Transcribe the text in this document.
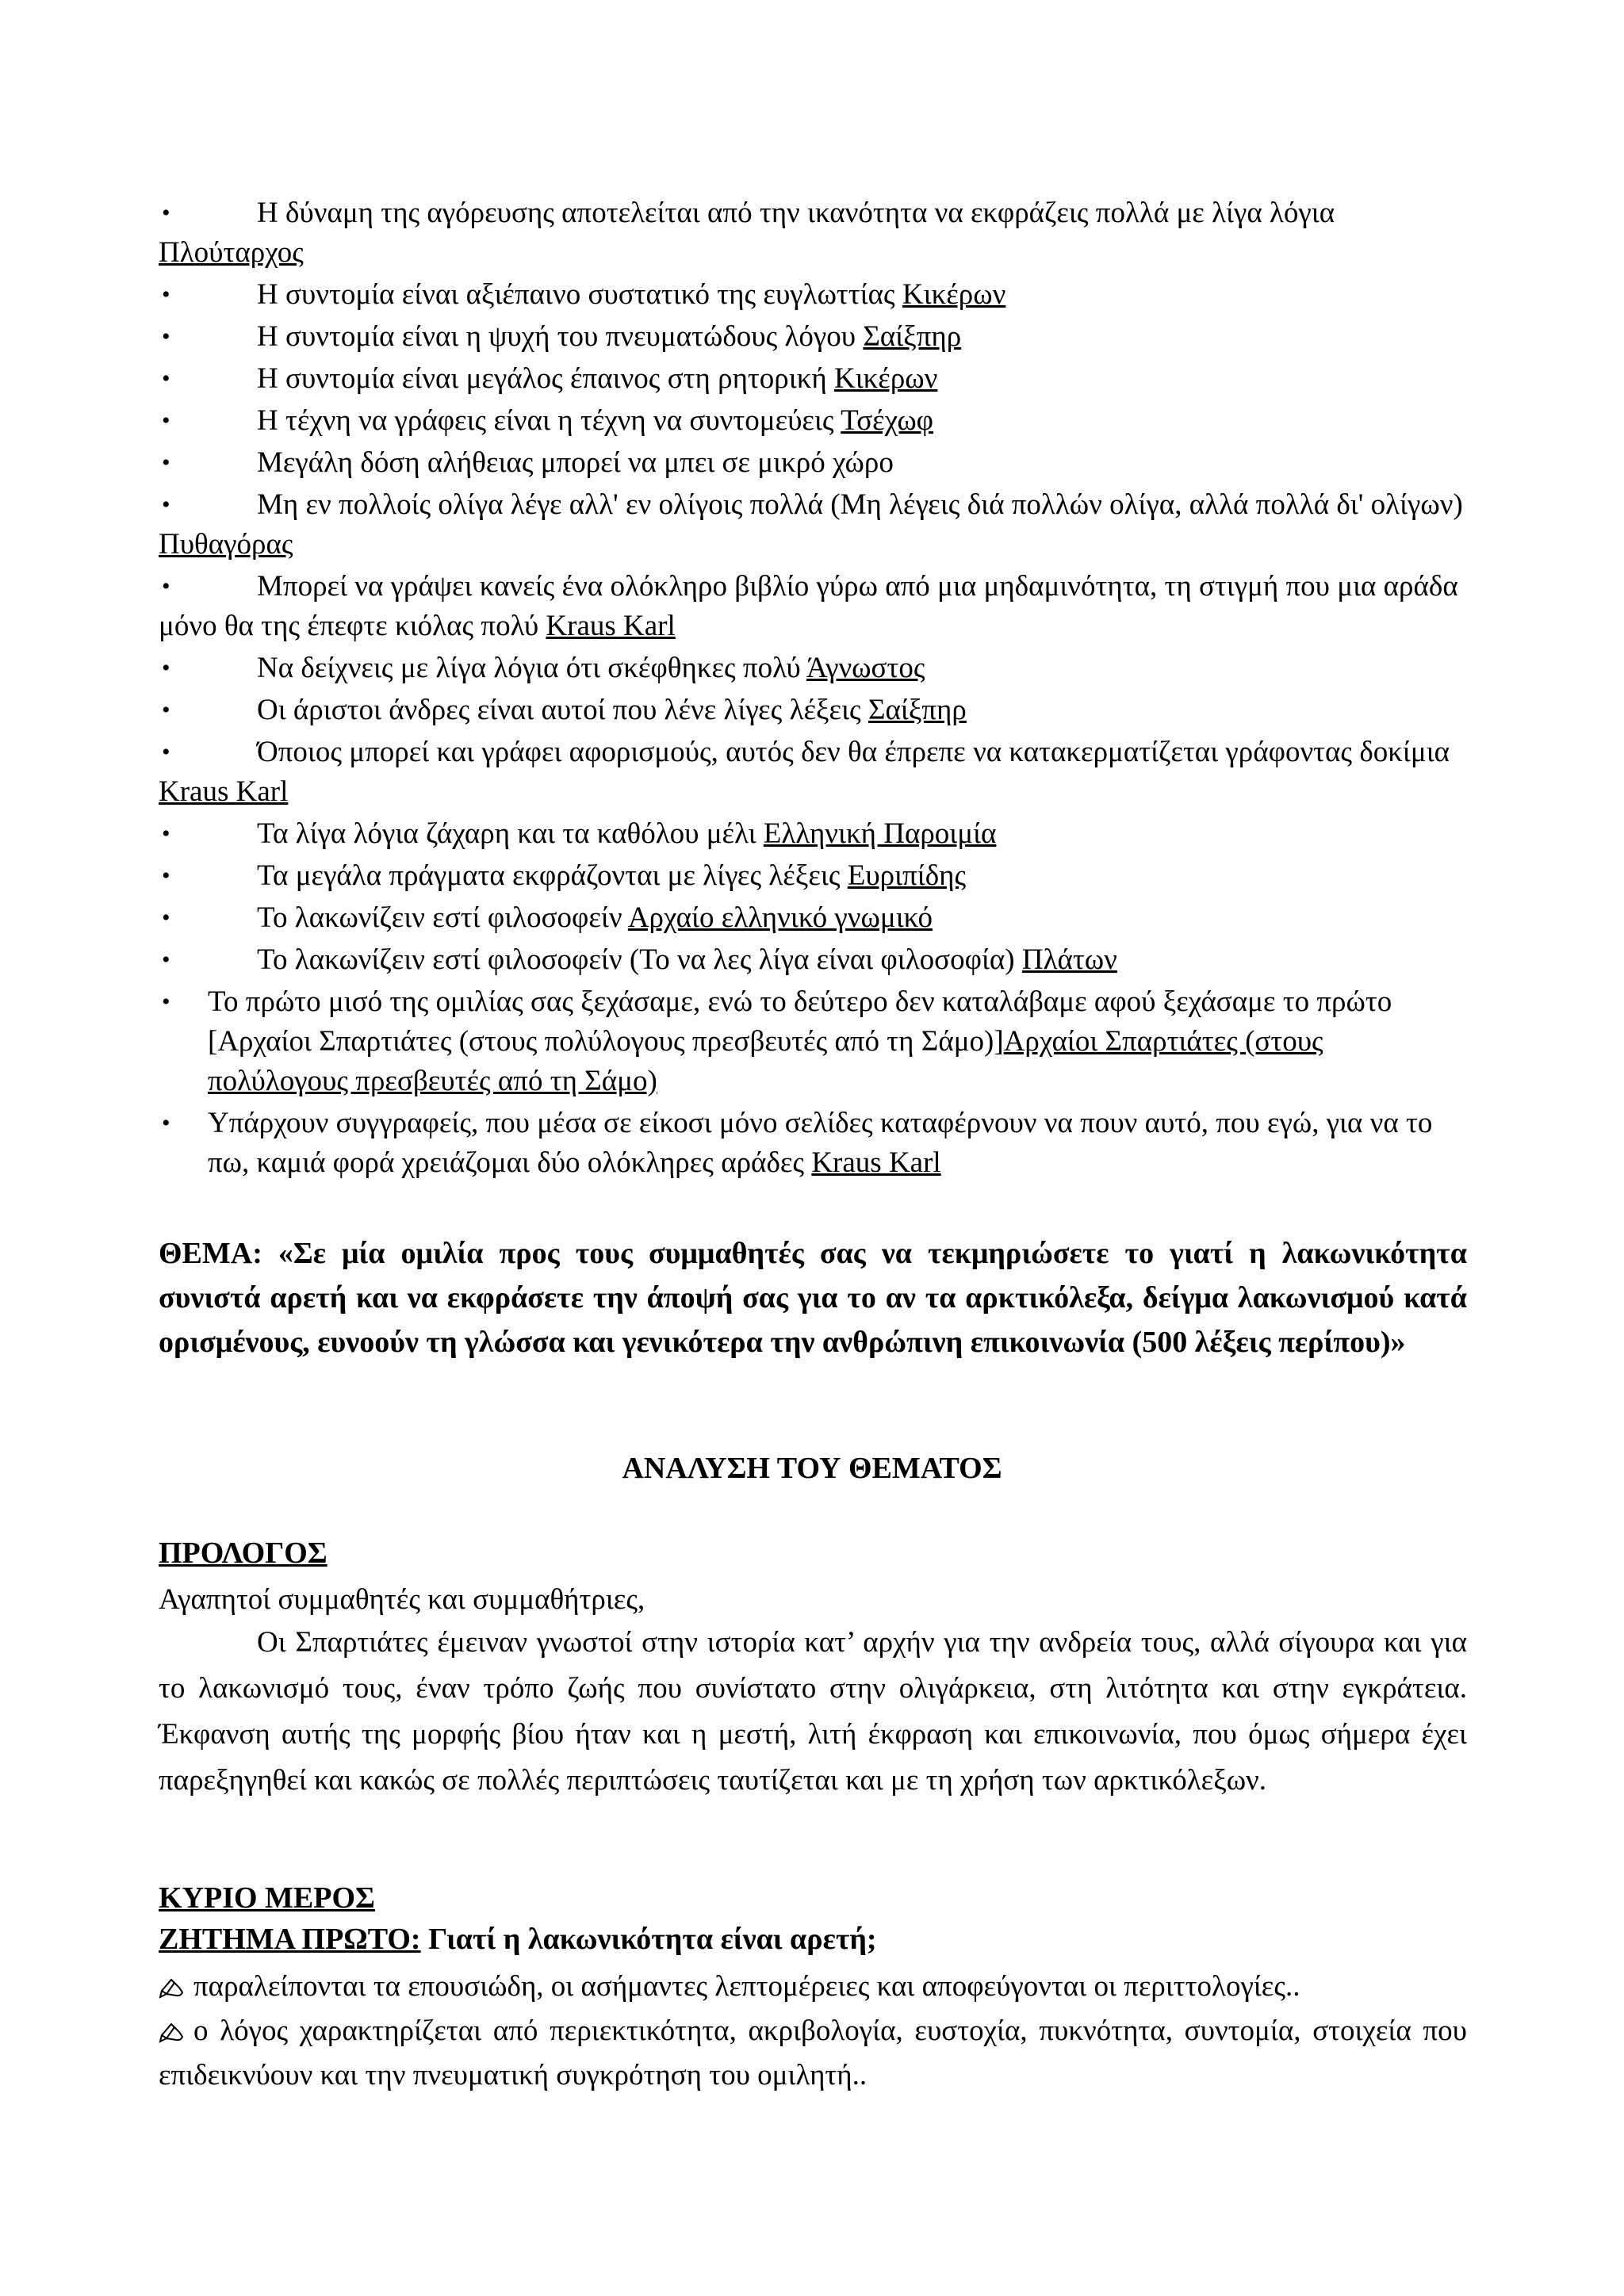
•	Η δύναμη της αγόρευσης αποτελείται από την ικανότητα να εκφράζεις πολλά με λίγα λόγια Πλούταρχος
•	Η συντομία είναι αξιέπαινο συστατικό της ευγλωττίας Κικέρων
•	Η συντομία είναι η ψυχή του πνευματώδους λόγου Σαίξπηρ
•	Η συντομία είναι μεγάλος έπαινος στη ρητορική Κικέρων
•	Η τέχνη να γράφεις είναι η τέχνη να συντομεύεις Τσέχωφ
•	Μεγάλη δόση αλήθειας μπορεί να μπει σε μικρό χώρο
•	Μη εν πολλοίς ολίγα λέγε αλλ' εν ολίγοις πολλά (Μη λέγεις διά πολλών ολίγα, αλλά πολλά δι' ολίγων) Πυθαγόρας
•	Μπορεί να γράψει κανείς ένα ολόκληρο βιβλίο γύρω από μια μηδαμινότητα, τη στιγμή που μια αράδα μόνο θα της έπεφτε κιόλας πολύ Kraus Karl
•	Να δείχνεις με λίγα λόγια ότι σκέφθηκες πολύ Άγνωστος
•	Οι άριστοι άνδρες είναι αυτοί που λένε λίγες λέξεις Σαίξπηρ
•	Όποιος μπορεί και γράφει αφορισμούς, αυτός δεν θα έπρεπε να κατακερματίζεται γράφοντας δοκίμια Kraus Karl
•	Τα λίγα λόγια ζάχαρη και τα καθόλου μέλι Ελληνική Παροιμία
•	Τα μεγάλα πράγματα εκφράζονται με λίγες λέξεις Ευριπίδης
•	Το λακωνίζειν εστί φιλοσοφείν Αρχαίο ελληνικό γνωμικό
•	Το λακωνίζειν εστί φιλοσοφείν (Το να λες λίγα είναι φιλοσοφία) Πλάτων
• Το πρώτο μισό της ομιλίας σας ξεχάσαμε, ενώ το δεύτερο δεν καταλάβαμε αφού ξεχάσαμε το πρώτο [Αρχαίοι Σπαρτιάτες (στους πολύλογους πρεσβευτές από τη Σάμο)]Αρχαίοι Σπαρτιάτες (στους πολύλογους πρεσβευτές από τη Σάμο)
• Υπάρχουν συγγραφείς, που μέσα σε είκοσι μόνο σελίδες καταφέρνουν να πουν αυτό, που εγώ, για να το πω, καμιά φορά χρειάζομαι δύο ολόκληρες αράδες Kraus Karl
ΘΕΜΑ: «Σε μία ομιλία προς τους συμμαθητές σας να τεκμηριώσετε το γιατί η λακωνικότητα συνιστά αρετή και να εκφράσετε την άποψή σας για το αν τα αρκτικόλεξα, δείγμα λακωνισμού κατά ορισμένους, ευνοούν τη γλώσσα και γενικότερα την ανθρώπινη επικοινωνία (500 λέξεις περίπου)»
ΑΝΑΛΥΣΗ ΤΟΥ ΘΕΜΑΤΟΣ
ΠΡΟΛΟΓΟΣ
Αγαπητοί συμμαθητές και συμμαθήτριες,
Οι Σπαρτιάτες έμειναν γνωστοί στην ιστορία κατ’ αρχήν για την ανδρεία τους, αλλά σίγουρα και για το λακωνισμό τους, έναν τρόπο ζωής που συνίστατο στην ολιγάρκεια, στη λιτότητα και στην εγκράτεια. Έκφανση αυτής της μορφής βίου ήταν και η μεστή, λιτή έκφραση και επικοινωνία, που όμως σήμερα έχει παρεξηγηθεί και κακώς σε πολλές περιπτώσεις ταυτίζεται και με τη χρήση των αρκτικόλεξων.
ΚΥΡΙΟ ΜΕΡΟΣ
ΖΗΤΗΜΑ ΠΡΩΤΟ: Γιατί η λακωνικότητα είναι αρετή;
παραλείπονται τα επουσιώδη, οι ασήμαντες λεπτομέρειες και αποφεύγονται οι περιττολογίες..
ο λόγος χαρακτηρίζεται από περιεκτικότητα, ακριβολογία, ευστοχία, πυκνότητα, συντομία, στοιχεία που επιδεικνύουν και την πνευματική συγκρότηση του ομιλητή..
